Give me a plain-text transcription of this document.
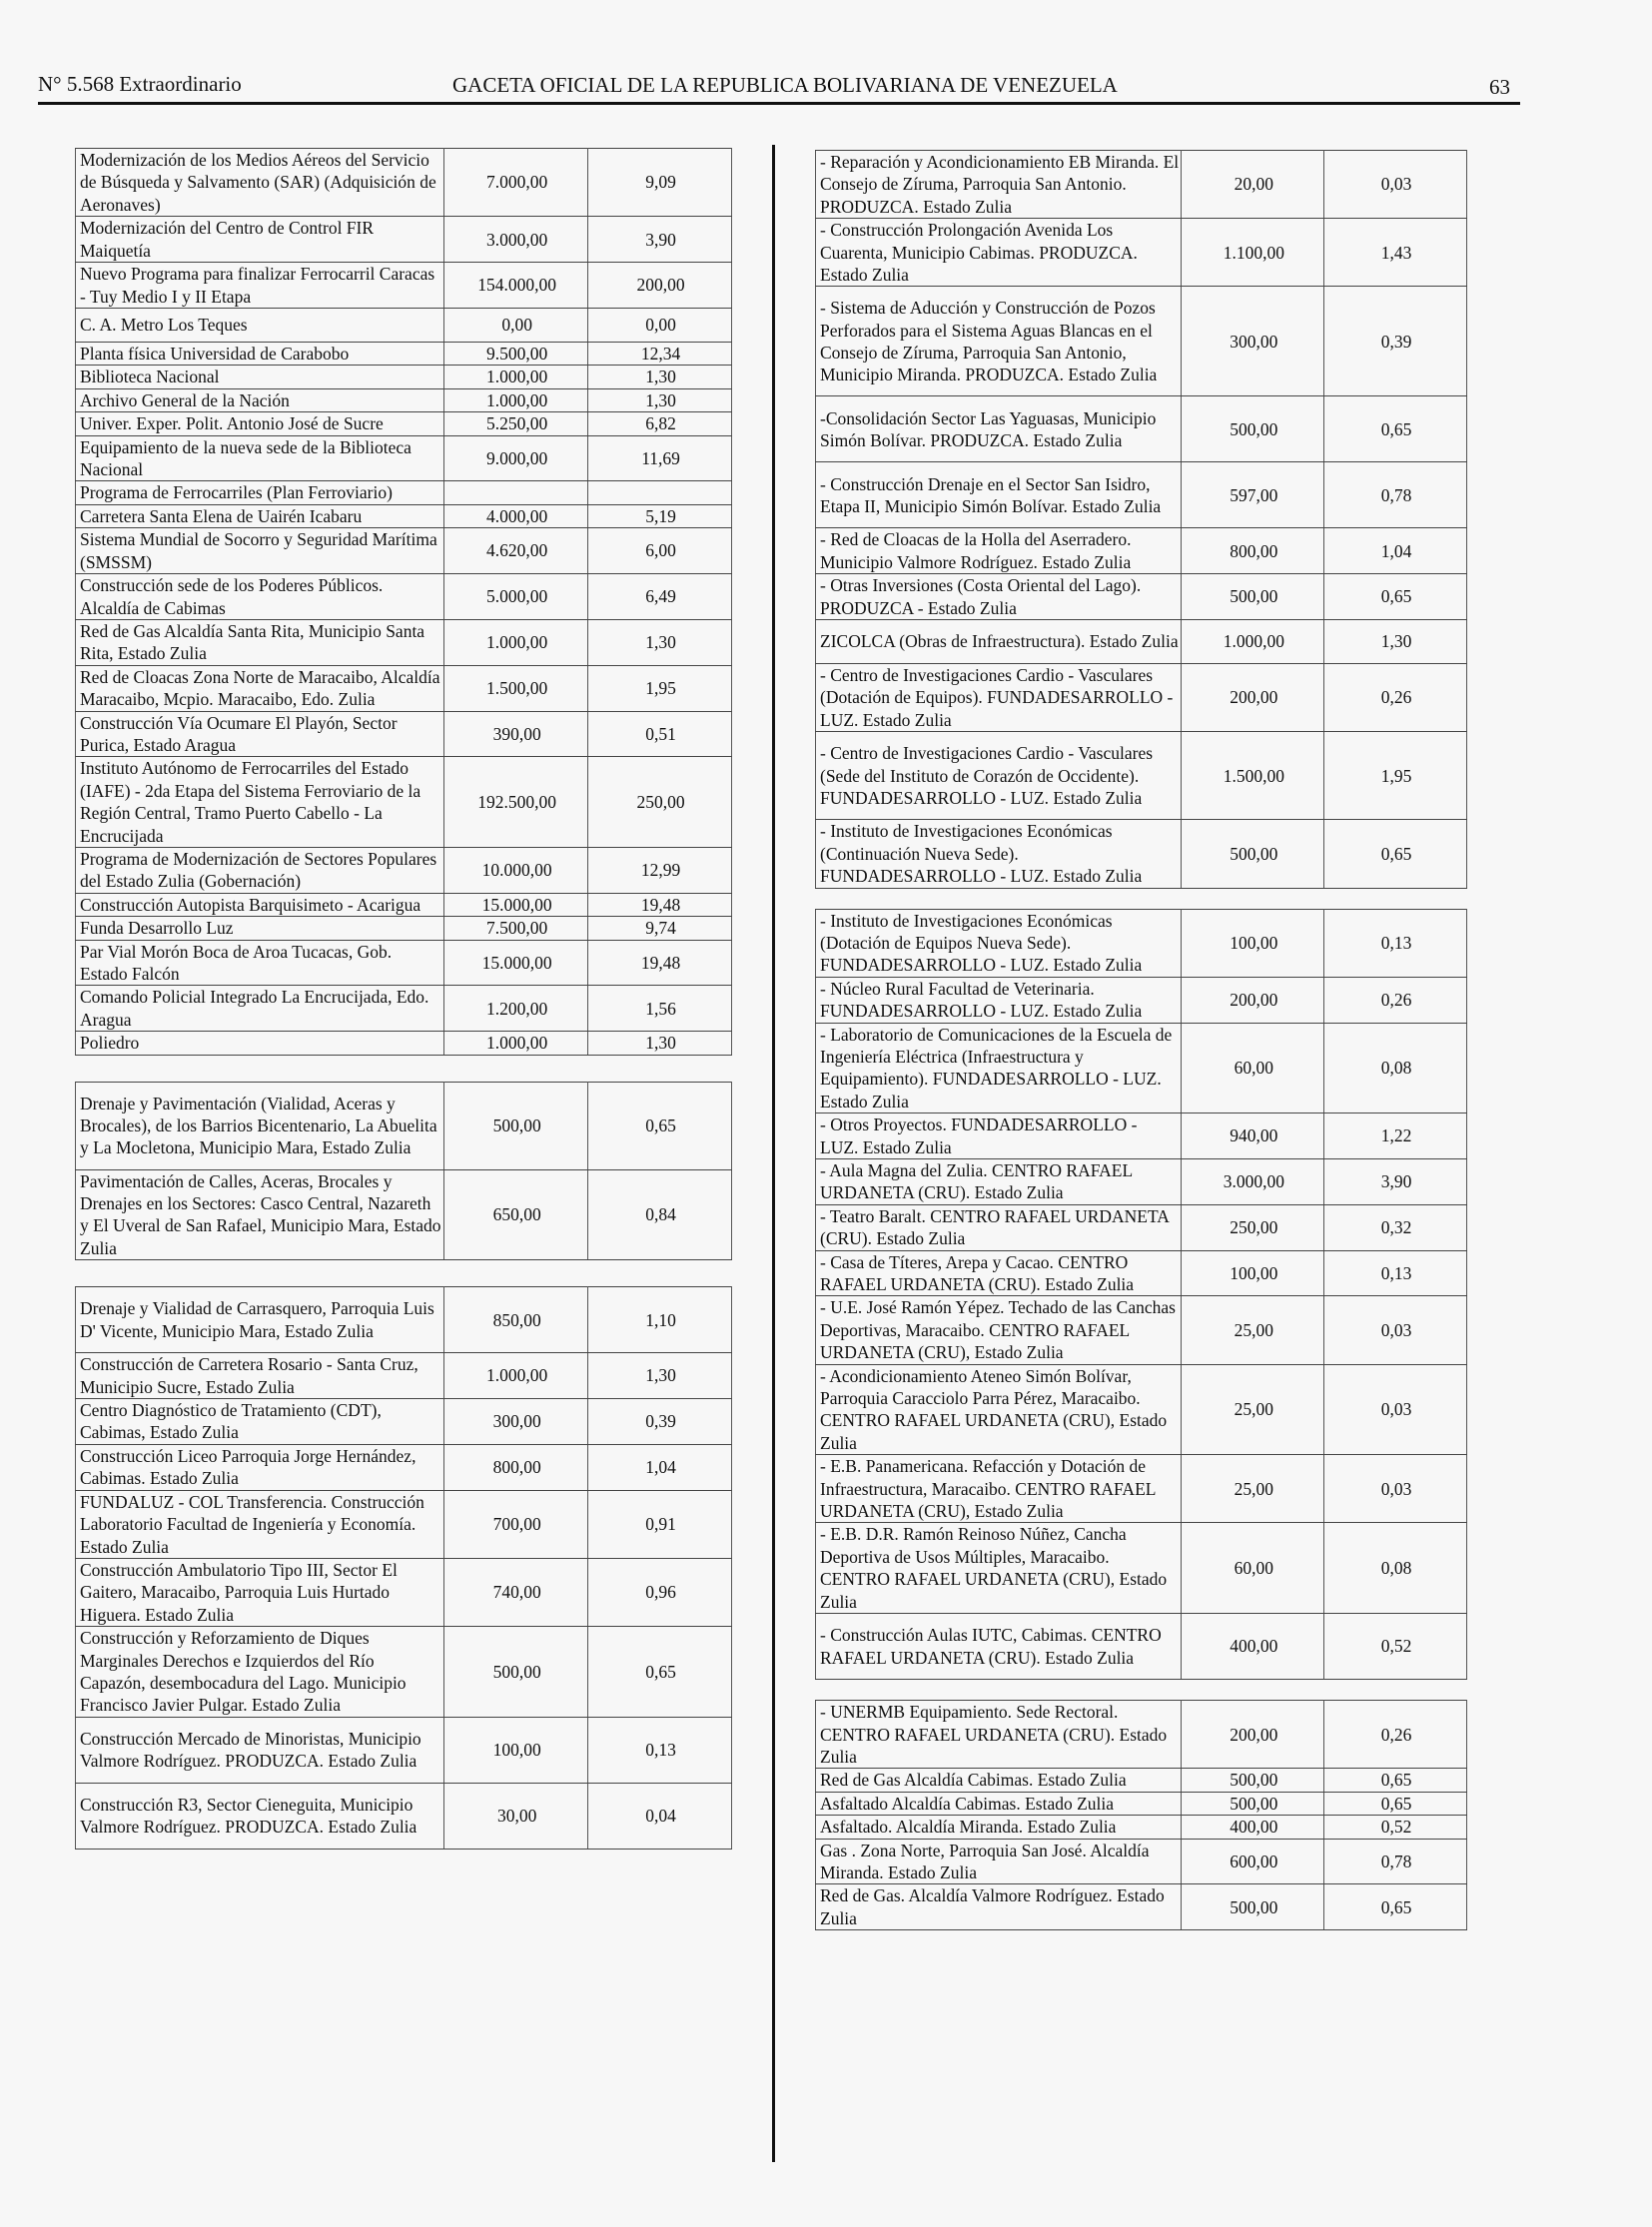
N° 5.568 Extraordinario	GACETA OFICIAL DE LA REPUBLICA BOLIVARIANA DE VENEZUELA	63
Modernización de los Medios Aéreos del Servicio de Búsqueda y Salvamento (SAR) (Adquisición de Aeronaves)	7.000,00	9,09
Modernización del Centro de Control FIR Maiquetía	3.000,00	3,90
Nuevo Programa para finalizar Ferrocarril Caracas - Tuy Medio I y II Etapa	154.000,00	200,00
C. A. Metro Los Teques	0,00	0,00
Planta física Universidad de Carabobo	9.500,00	12,34
Biblioteca Nacional	1.000,00	1,30
Archivo General de la Nación	1.000,00	1,30
Univer. Exper. Polit. Antonio José de Sucre	5.250,00	6,82
Equipamiento de la nueva sede de la Biblioteca Nacional	9.000,00	11,69
Programa de Ferrocarriles (Plan Ferroviario)		
Carretera Santa Elena de Uairén Icabaru	4.000,00	5,19
Sistema Mundial de Socorro y Seguridad Marítima (SMSSM)	4.620,00	6,00
Construcción sede de los Poderes Públicos. Alcaldía de Cabimas	5.000,00	6,49
Red de Gas Alcaldía Santa Rita, Municipio Santa Rita, Estado Zulia	1.000,00	1,30
Red de Cloacas Zona Norte de Maracaibo, Alcaldía Maracaibo, Mcpio. Maracaibo, Edo. Zulia	1.500,00	1,95
Construcción Vía Ocumare El Playón, Sector Purica, Estado Aragua	390,00	0,51
Instituto Autónomo de Ferrocarriles del Estado (IAFE) - 2da Etapa del Sistema Ferroviario de la Región Central, Tramo Puerto Cabello - La Encrucijada	192.500,00	250,00
Programa de Modernización de Sectores Populares del Estado Zulia (Gobernación)	10.000,00	12,99
Construcción Autopista Barquisimeto - Acarigua	15.000,00	19,48
Funda Desarrollo Luz	7.500,00	9,74
Par Vial Morón Boca de Aroa Tucacas, Gob. Estado Falcón	15.000,00	19,48
Comando Policial Integrado La Encrucijada, Edo. Aragua	1.200,00	1,56
Poliedro	1.000,00	1,30
Drenaje y Pavimentación (Vialidad, Aceras y Brocales), de los Barrios Bicentenario, La Abuelita y La Mocletona, Municipio Mara, Estado Zulia	500,00	0,65
Pavimentación de Calles, Aceras, Brocales y Drenajes en los Sectores: Casco Central, Nazareth y El Uveral de San Rafael, Municipio Mara, Estado Zulia	650,00	0,84
Drenaje y Vialidad de Carrasquero, Parroquia Luis D' Vicente, Municipio Mara, Estado Zulia	850,00	1,10
Construcción de Carretera Rosario - Santa Cruz, Municipio Sucre, Estado Zulia	1.000,00	1,30
Centro Diagnóstico de Tratamiento (CDT), Cabimas, Estado Zulia	300,00	0,39
Construcción Liceo Parroquia Jorge Hernández, Cabimas. Estado Zulia	800,00	1,04
FUNDALUZ - COL Transferencia. Construcción Laboratorio Facultad de Ingeniería y Economía. Estado Zulia	700,00	0,91
Construcción Ambulatorio Tipo III, Sector El Gaitero, Maracaibo, Parroquia Luis Hurtado Higuera. Estado Zulia	740,00	0,96
Construcción y Reforzamiento de Diques Marginales Derechos e Izquierdos del Río Capazón, desembocadura del Lago. Municipio Francisco Javier Pulgar. Estado Zulia	500,00	0,65
Construcción Mercado de Minoristas, Municipio Valmore Rodríguez. PRODUZCA. Estado Zulia	100,00	0,13
Construcción R3, Sector Cieneguita, Municipio Valmore Rodríguez. PRODUZCA. Estado Zulia	30,00	0,04
- Reparación y Acondicionamiento EB Miranda. El Consejo de Zíruma, Parroquia San Antonio. PRODUZCA. Estado Zulia	20,00	0,03
- Construcción Prolongación Avenida Los Cuarenta, Municipio Cabimas. PRODUZCA. Estado Zulia	1.100,00	1,43
- Sistema de Aducción y Construcción de Pozos Perforados para el Sistema Aguas Blancas en el Consejo de Zíruma, Parroquia San Antonio, Municipio Miranda. PRODUZCA. Estado Zulia	300,00	0,39
-Consolidación Sector Las Yaguasas, Municipio Simón Bolívar. PRODUZCA. Estado Zulia	500,00	0,65
- Construcción Drenaje en el Sector San Isidro, Etapa II, Municipio Simón Bolívar. Estado Zulia	597,00	0,78
- Red de Cloacas de la Holla del Aserradero. Municipio Valmore Rodríguez. Estado Zulia	800,00	1,04
- Otras Inversiones (Costa Oriental del Lago). PRODUZCA - Estado Zulia	500,00	0,65
ZICOLCA (Obras de Infraestructura). Estado Zulia	1.000,00	1,30
- Centro de Investigaciones Cardio - Vasculares (Dotación de Equipos). FUNDADESARROLLO - LUZ. Estado Zulia	200,00	0,26
- Centro de Investigaciones Cardio - Vasculares (Sede del Instituto de Corazón de Occidente). FUNDADESARROLLO - LUZ. Estado Zulia	1.500,00	1,95
- Instituto de Investigaciones Económicas (Continuación Nueva Sede). FUNDADESARROLLO - LUZ. Estado Zulia	500,00	0,65
- Instituto de Investigaciones Económicas (Dotación de Equipos Nueva Sede). FUNDADESARROLLO - LUZ. Estado Zulia	100,00	0,13
- Núcleo Rural Facultad de Veterinaria. FUNDADESARROLLO - LUZ. Estado Zulia	200,00	0,26
- Laboratorio de Comunicaciones de la Escuela de Ingeniería Eléctrica (Infraestructura y Equipamiento). FUNDADESARROLLO - LUZ. Estado Zulia	60,00	0,08
- Otros Proyectos. FUNDADESARROLLO - LUZ. Estado Zulia	940,00	1,22
- Aula Magna del Zulia. CENTRO RAFAEL URDANETA (CRU). Estado Zulia	3.000,00	3,90
- Teatro Baralt. CENTRO RAFAEL URDANETA (CRU). Estado Zulia	250,00	0,32
- Casa de Títeres, Arepa y Cacao. CENTRO RAFAEL URDANETA (CRU). Estado Zulia	100,00	0,13
- U.E. José Ramón Yépez. Techado de las Canchas Deportivas, Maracaibo. CENTRO RAFAEL URDANETA (CRU), Estado Zulia	25,00	0,03
- Acondicionamiento Ateneo Simón Bolívar, Parroquia Caracciolo Parra Pérez, Maracaibo. CENTRO RAFAEL URDANETA (CRU), Estado Zulia	25,00	0,03
- E.B. Panamericana. Refacción y Dotación de Infraestructura, Maracaibo. CENTRO RAFAEL URDANETA (CRU), Estado Zulia	25,00	0,03
- E.B. D.R. Ramón Reinoso Núñez, Cancha Deportiva de Usos Múltiples, Maracaibo. CENTRO RAFAEL URDANETA (CRU), Estado Zulia	60,00	0,08
- Construcción Aulas IUTC, Cabimas. CENTRO RAFAEL URDANETA (CRU). Estado Zulia	400,00	0,52
- UNERMB Equipamiento. Sede Rectoral. CENTRO RAFAEL URDANETA (CRU). Estado Zulia	200,00	0,26
Red de Gas Alcaldía Cabimas. Estado Zulia	500,00	0,65
Asfaltado Alcaldía Cabimas. Estado Zulia	500,00	0,65
Asfaltado. Alcaldía Miranda. Estado Zulia	400,00	0,52
Gas . Zona Norte, Parroquia San José. Alcaldía Miranda. Estado Zulia	600,00	0,78
Red de Gas. Alcaldía Valmore Rodríguez. Estado Zulia	500,00	0,65
